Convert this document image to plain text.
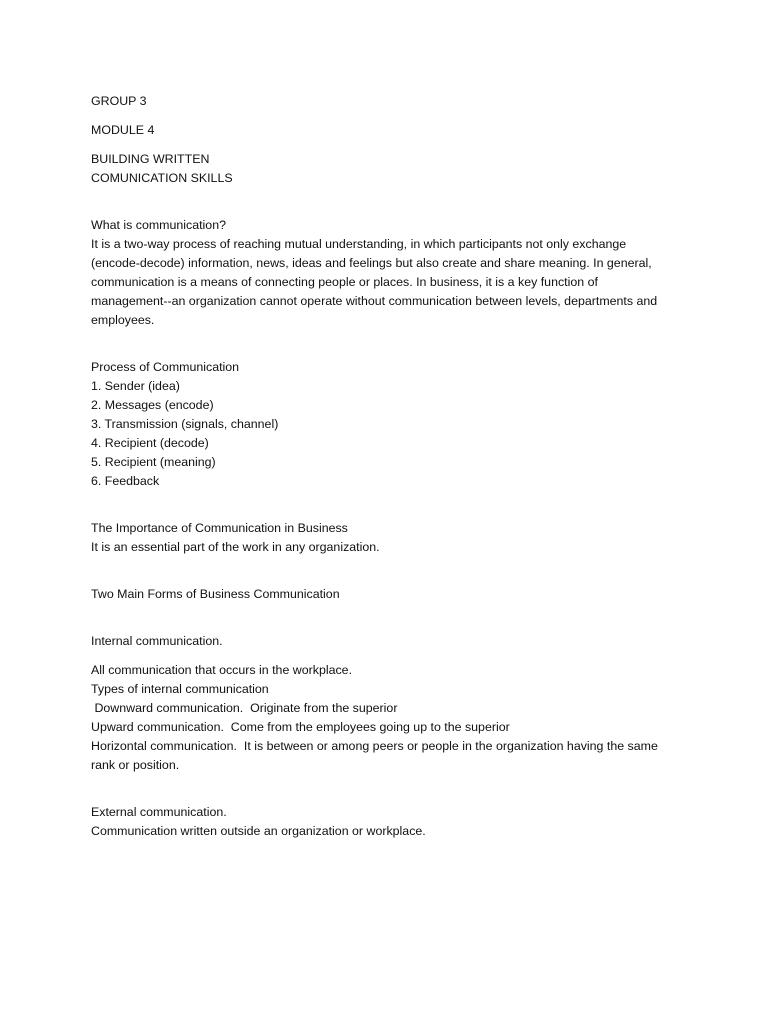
GROUP 3
MODULE 4
BUILDING WRITTEN
COMUNICATION SKILLS
What is communication?
It is a two-way process of reaching mutual understanding, in which participants not only exchange
(encode-decode) information, news, ideas and feelings but also create and share meaning. In general,
communication is a means of connecting people or places. In business, it is a key function of
management--an organization cannot operate without communication between levels, departments and
employees.
Process of Communication
1. Sender (idea)
2. Messages (encode)
3. Transmission (signals, channel)
4. Recipient (decode)
5. Recipient (meaning)
6. Feedback
The Importance of Communication in Business
It is an essential part of the work in any organization.
Two Main Forms of Business Communication
Internal communication.
All communication that occurs in the workplace.
Types of internal communication
Downward communication.  Originate from the superior
Upward communication.  Come from the employees going up to the superior
Horizontal communication.  It is between or among peers or people in the organization having the same
rank or position.
External communication.
Communication written outside an organization or workplace.
